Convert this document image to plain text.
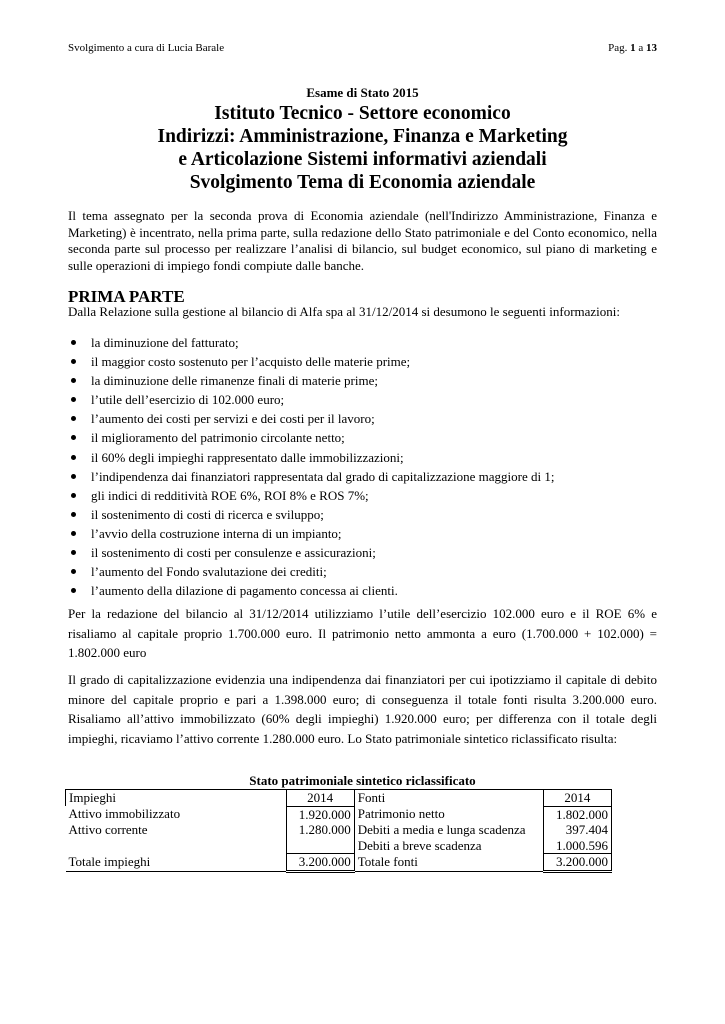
Svolgimento a cura di Lucia Barale	Pag. 1 a 13
Esame di Stato 2015
Istituto Tecnico - Settore economico
Indirizzi: Amministrazione, Finanza e Marketing
e Articolazione Sistemi informativi aziendali
Svolgimento Tema di Economia aziendale
Il tema assegnato per la seconda prova di Economia aziendale (nell'Indirizzo Amministrazione, Finanza e Marketing) è incentrato, nella prima parte, sulla redazione dello Stato patrimoniale e del Conto economico, nella seconda parte sul processo per realizzare l’analisi di bilancio, sul budget economico, sul piano di marketing e sulle operazioni di impiego fondi compiute dalle banche.
PRIMA PARTE
Dalla Relazione sulla gestione al bilancio di Alfa spa al 31/12/2014 si desumono le seguenti informazioni:
la diminuzione del fatturato;
il maggior costo sostenuto per l’acquisto delle materie prime;
la diminuzione delle rimanenze finali di materie prime;
l’utile dell’esercizio di 102.000 euro;
l’aumento dei costi per servizi e dei costi per il lavoro;
il miglioramento del patrimonio circolante netto;
il 60% degli impieghi rappresentato dalle immobilizzazioni;
l’indipendenza dai finanziatori rappresentata dal grado di capitalizzazione maggiore di 1;
gli indici di redditività ROE 6%, ROI 8% e ROS 7%;
il sostenimento di costi di ricerca e sviluppo;
l’avvio della costruzione interna di un impianto;
il sostenimento di costi per consulenze e assicurazioni;
l’aumento del Fondo svalutazione dei crediti;
l’aumento della dilazione di pagamento concessa ai clienti.
Per la redazione del bilancio al 31/12/2014 utilizziamo l’utile dell’esercizio 102.000 euro e il ROE 6% e risaliamo al capitale proprio 1.700.000 euro. Il patrimonio netto ammonta a euro (1.700.000 + 102.000) = 1.802.000 euro
Il grado di capitalizzazione evidenzia una indipendenza dai finanziatori per cui ipotizziamo il capitale di debito minore del capitale proprio e pari a 1.398.000 euro; di conseguenza il totale fonti risulta 3.200.000 euro. Risaliamo all’attivo immobilizzato (60% degli impieghi) 1.920.000 euro; per differenza con il totale degli impieghi, ricaviamo l’attivo corrente 1.280.000 euro. Lo Stato patrimoniale sintetico riclassificato risulta:
Stato patrimoniale sintetico riclassificato
Impieghi	2014	Fonti	2014
Attivo immobilizzato	1.920.000	Patrimonio netto	1.802.000
Attivo corrente	1.280.000	Debiti a media e lunga scadenza	397.404
		Debiti a breve scadenza	1.000.596
Totale impieghi	3.200.000	Totale fonti	3.200.000
